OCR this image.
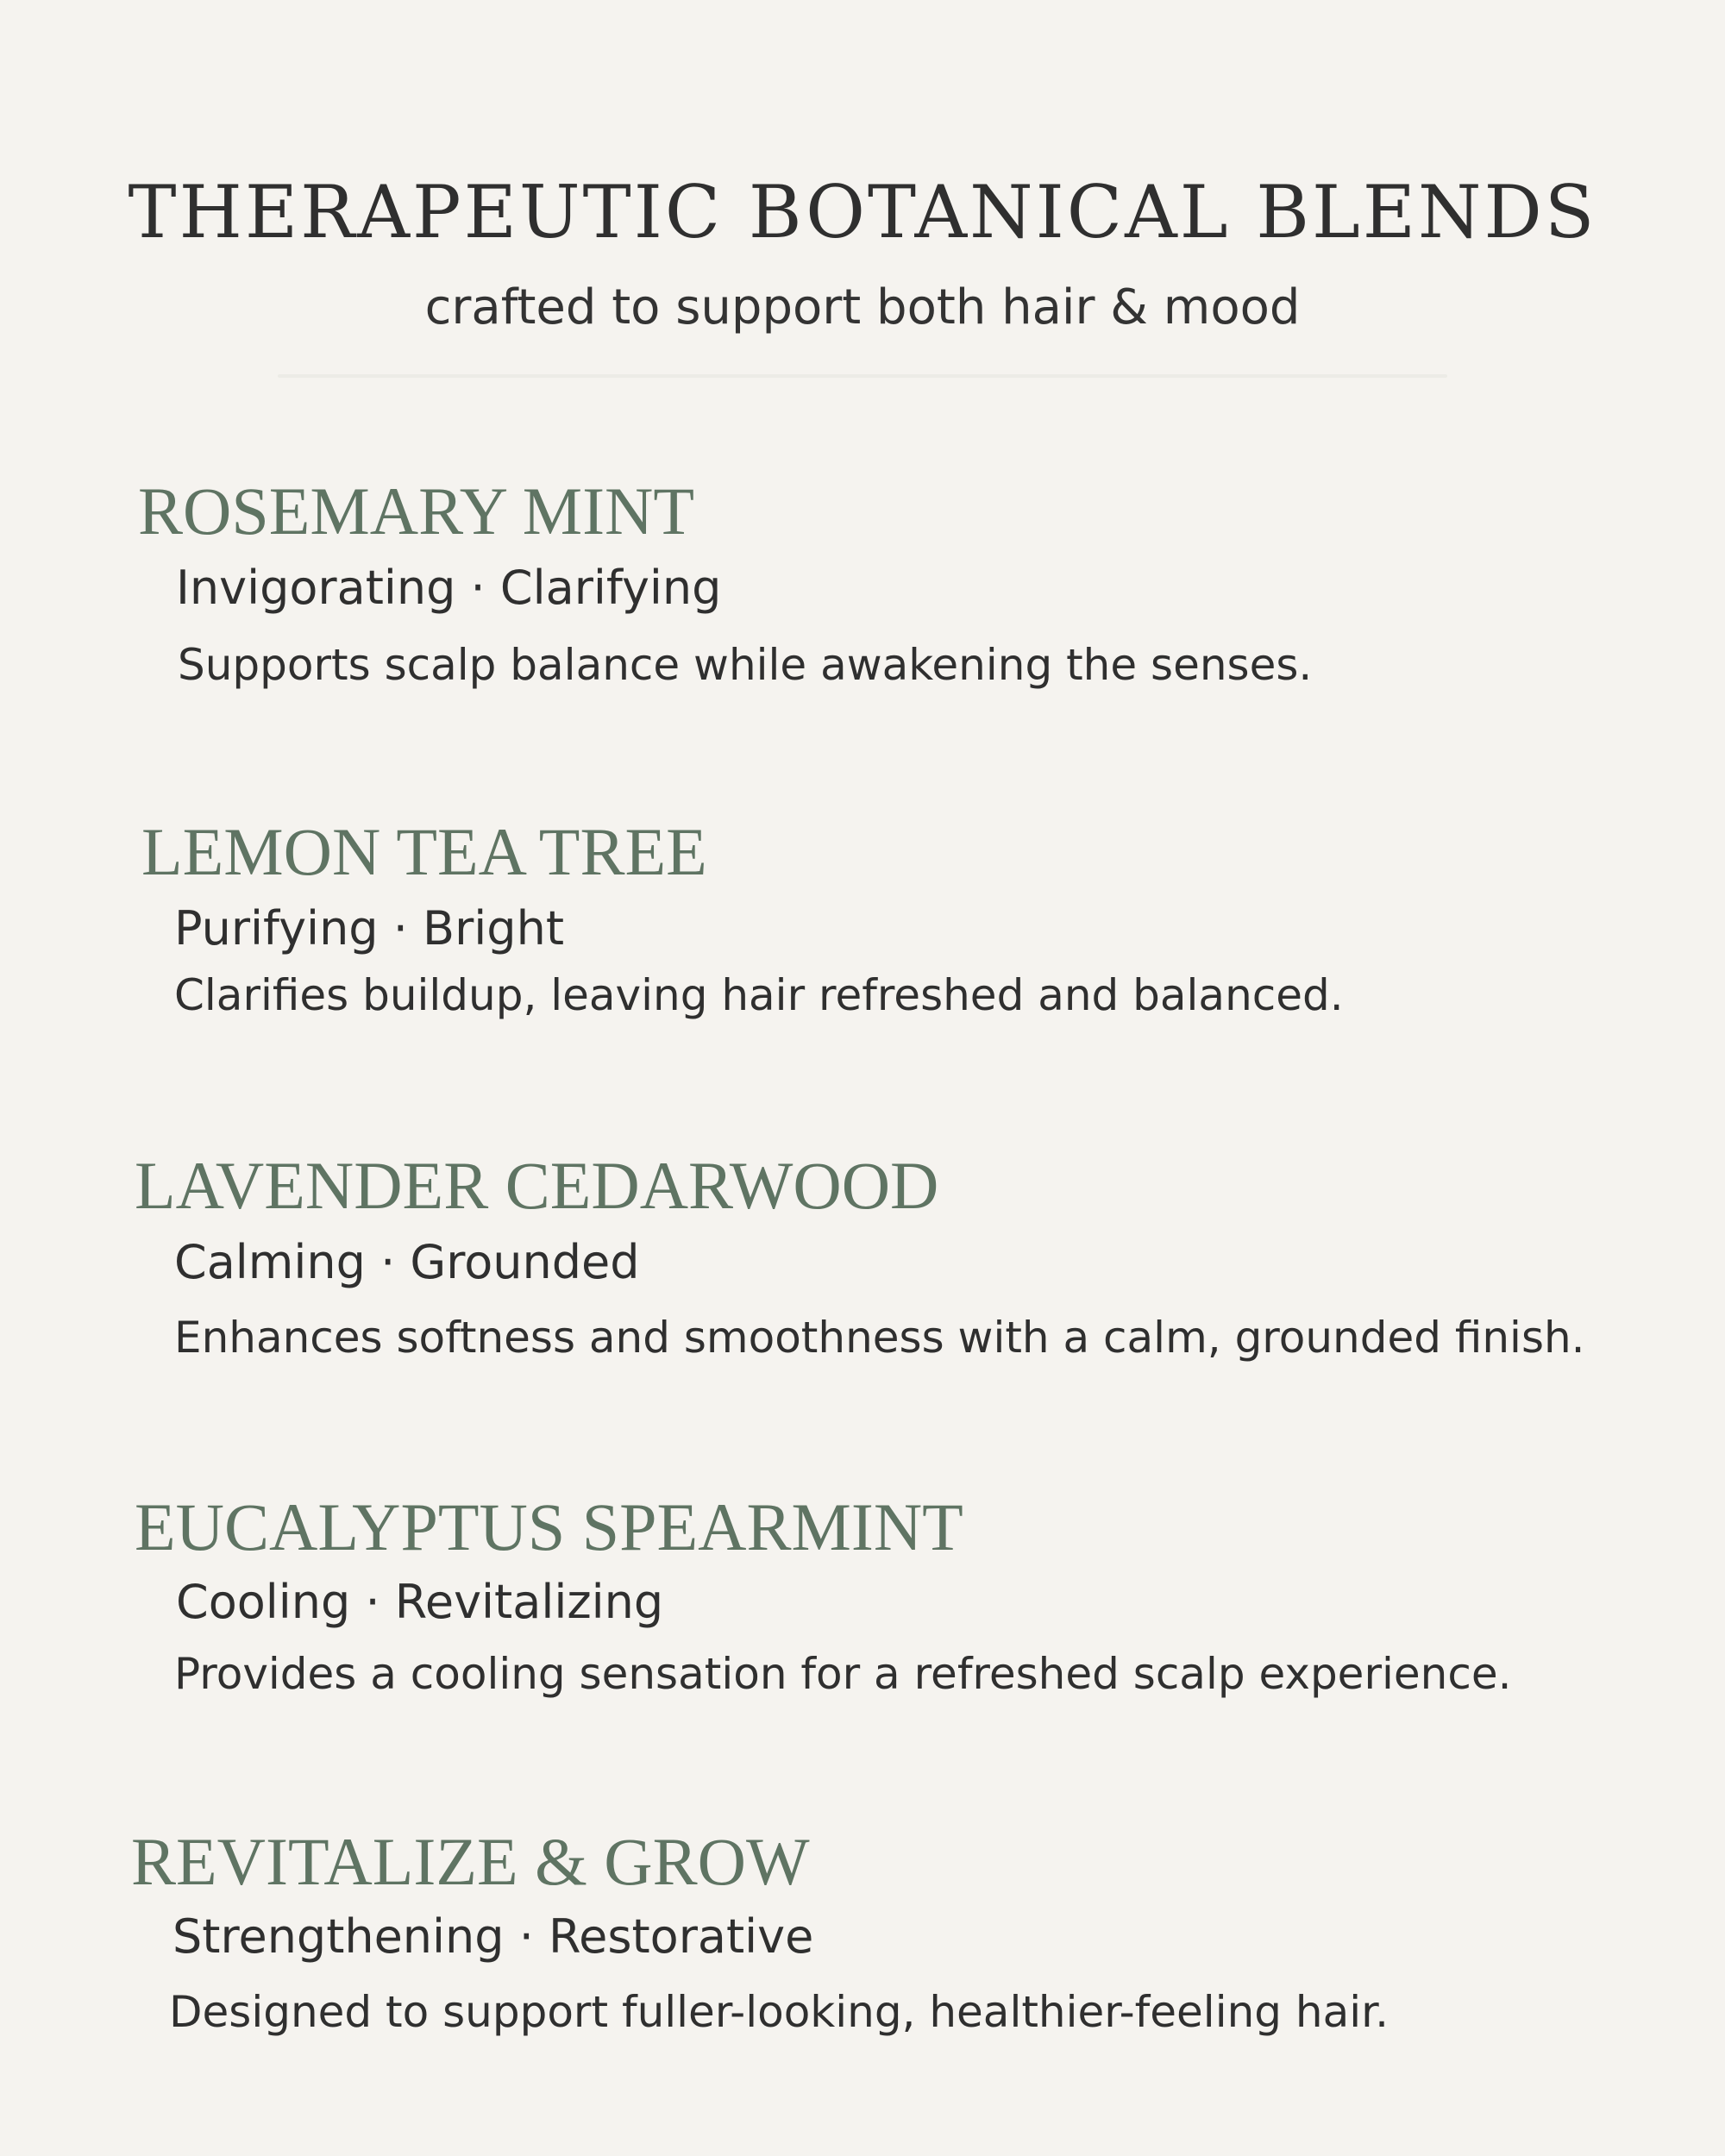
THERAPEUTIC BOTANICAL BLENDS
crafted to support both hair & mood
ROSEMARY MINT
Invigorating · Clarifying
Supports scalp balance while awakening the senses.
LEMON TEA TREE
Purifying · Bright
Clarifies buildup, leaving hair refreshed and balanced.
LAVENDER CEDARWOOD
Calming · Grounded
Enhances softness and smoothness with a calm, grounded finish.
EUCALYPTUS SPEARMINT
Cooling · Revitalizing
Provides a cooling sensation for a refreshed scalp experience.
REVITALIZE & GROW
Strengthening · Restorative
Designed to support fuller-looking, healthier-feeling hair.
